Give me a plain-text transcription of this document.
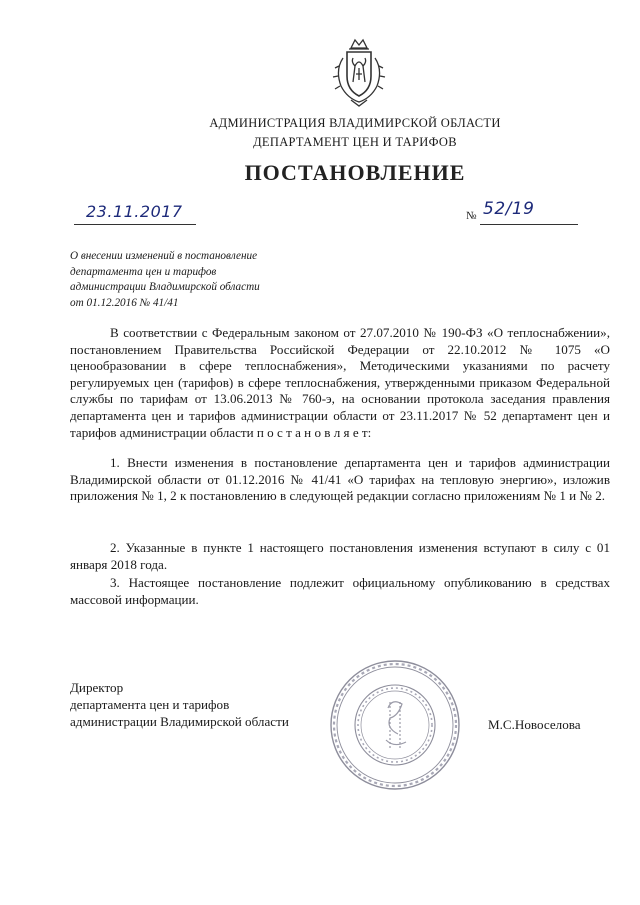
АДМИНИСТРАЦИЯ ВЛАДИМИРСКОЙ ОБЛАСТИ
ДЕПАРТАМЕНТ ЦЕН И ТАРИФОВ
ПОСТАНОВЛЕНИЕ
23.11.2017	№ 52/19
О внесении изменений в постановление
департамента цен и тарифов
администрации Владимирской области
от 01.12.2016 № 41/41
В соответствии с Федеральным законом от 27.07.2010 № 190-ФЗ «О теплоснабжении», постановлением Правительства Российской Федерации от 22.10.2012 № 1075 «О ценообразовании в сфере теплоснабжения», Методическими указаниями по расчету регулируемых цен (тарифов) в сфере теплоснабжения, утвержденными приказом Федеральной службы по тарифам от 13.06.2013 № 760-э, на основании протокола заседания правления департамента цен и тарифов администрации области от 23.11.2017 № 52 департамент цен и тарифов администрации области п о с т а н о в л я е т:
1. Внести изменения в постановление департамента цен и тарифов администрации Владимирской области от 01.12.2016 № 41/41 «О тарифах на тепловую энергию», изложив приложения № 1, 2 к постановлению в следующей редакции согласно приложениям № 1 и № 2.
2. Указанные в пункте 1 настоящего постановления изменения вступают в силу с 01 января 2018 года.
3. Настоящее постановление подлежит официальному опубликованию в средствах массовой информации.
Директор
департамента цен и тарифов
администрации Владимирской области	М.С.Новоселова
